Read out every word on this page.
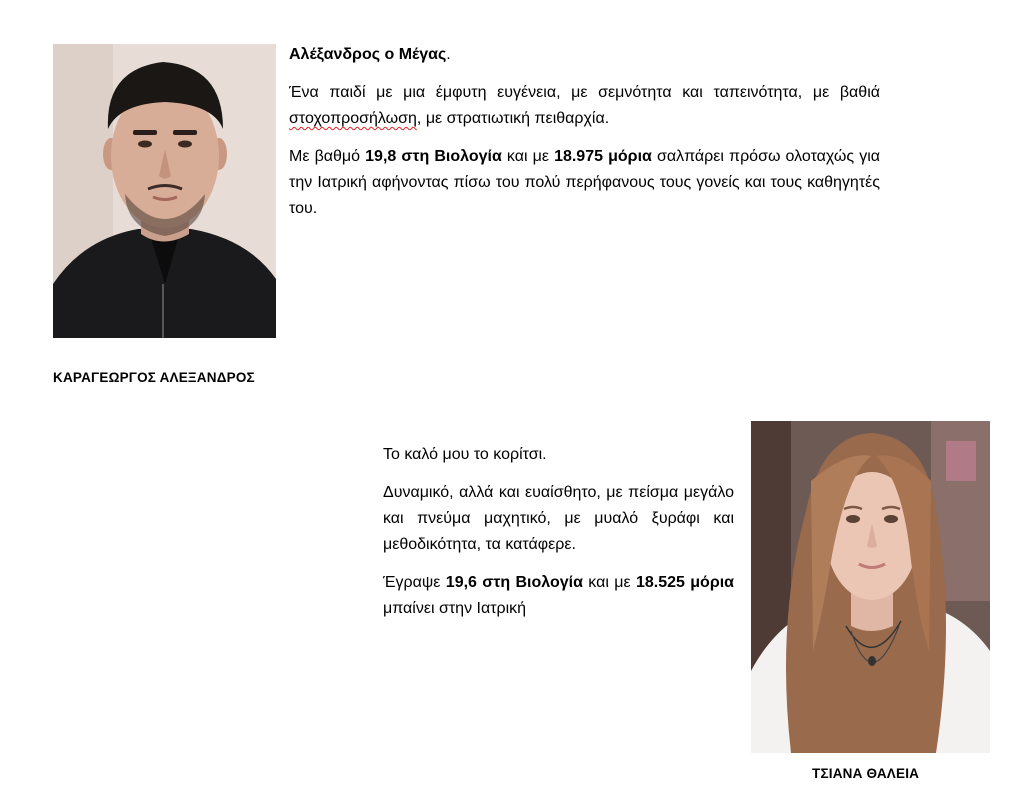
ΚΑΡΑΓΕΩΡΓΟΣ ΑΛΕΞΑΝΔΡΟΣ

Αλέξανδρος ο Μέγας.

Ένα παιδί με μια έμφυτη ευγένεια, με σεμνότητα και ταπεινότητα, με βαθιά στοχοπροσήλωση, με στρατιωτική πειθαρχία.

Με βαθμό 19,8 στη Βιολογία και με 18.975 μόρια σαλπάρει πρόσω ολοταχώς για την Ιατρική αφήνοντας πίσω του πολύ περήφανους τους γονείς και τους καθηγητές του.

Το καλό μου το κορίτσι.

Δυναμικό, αλλά και ευαίσθητο, με πείσμα μεγάλο και πνεύμα μαχητικό, με μυαλό ξυράφι και μεθοδικότητα, τα κατάφερε.

Έγραψε 19,6 στη Βιολογία και με 18.525 μόρια μπαίνει στην Ιατρική

ΤΣΙΑΝΑ ΘΑΛΕΙΑ
